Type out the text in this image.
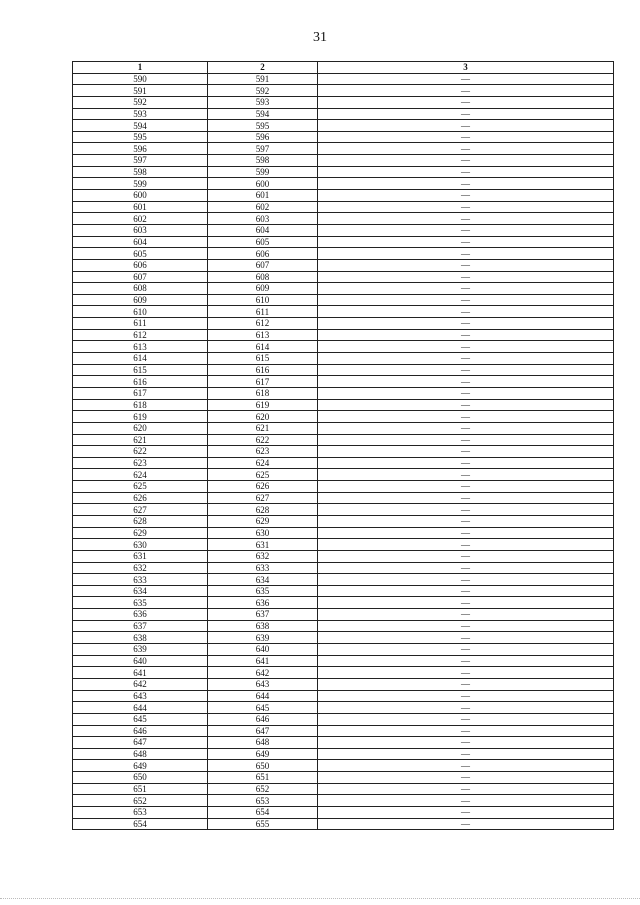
31
1	2	3
590	591	—
591	592	—
592	593	—
593	594	—
594	595	—
595	596	—
596	597	—
597	598	—
598	599	—
599	600	—
600	601	—
601	602	—
602	603	—
603	604	—
604	605	—
605	606	—
606	607	—
607	608	—
608	609	—
609	610	—
610	611	—
611	612	—
612	613	—
613	614	—
614	615	—
615	616	—
616	617	—
617	618	—
618	619	—
619	620	—
620	621	—
621	622	—
622	623	—
623	624	—
624	625	—
625	626	—
626	627	—
627	628	—
628	629	—
629	630	—
630	631	—
631	632	—
632	633	—
633	634	—
634	635	—
635	636	—
636	637	—
637	638	—
638	639	—
639	640	—
640	641	—
641	642	—
642	643	—
643	644	—
644	645	—
645	646	—
646	647	—
647	648	—
648	649	—
649	650	—
650	651	—
651	652	—
652	653	—
653	654	—
654	655	—
